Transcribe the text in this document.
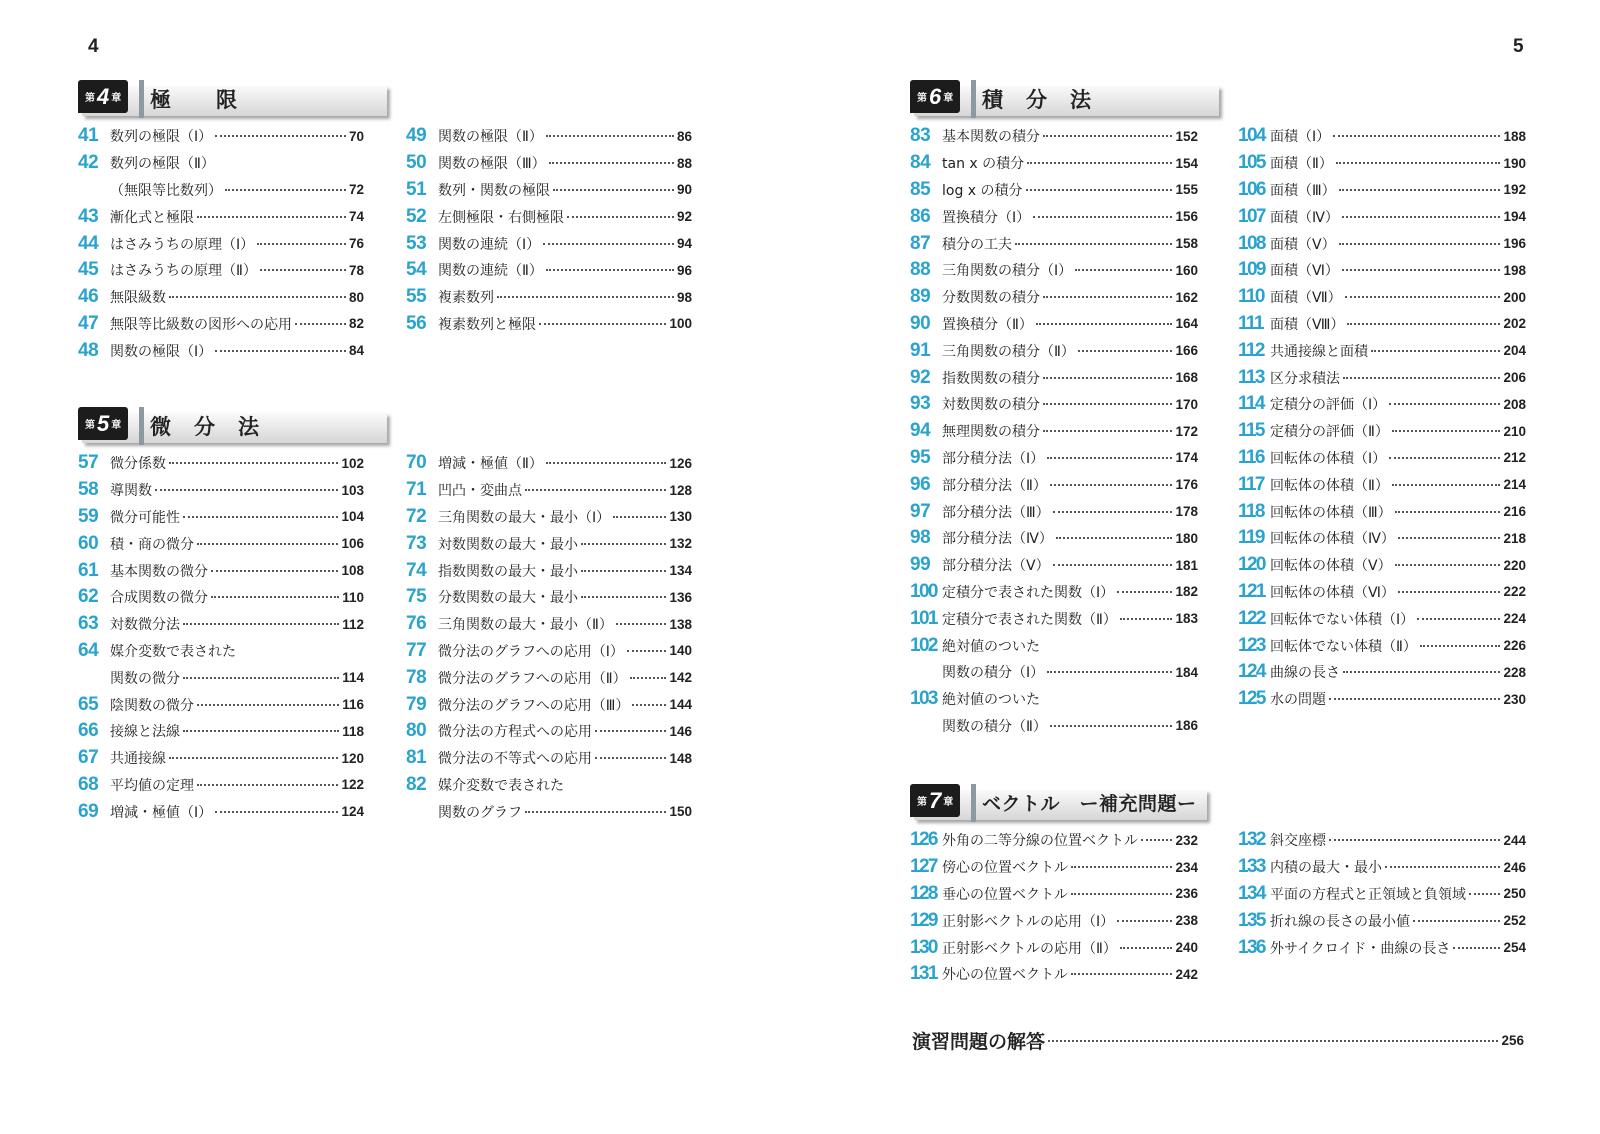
4	5
第 4 章 極　　限
41 数列の極限（Ⅰ）	70
42 数列の極限（Ⅱ）
（無限等比数列）	72
43 漸化式と極限	74
44 はさみうちの原理（Ⅰ）	76
45 はさみうちの原理（Ⅱ）	78
46 無限級数	80
47 無限等比級数の図形への応用	82
48 関数の極限（Ⅰ）	84
49 関数の極限（Ⅱ）	86
50 関数の極限（Ⅲ）	88
51 数列・関数の極限	90
52 左側極限・右側極限	92
53 関数の連続（Ⅰ）	94
54 関数の連続（Ⅱ）	96
55 複素数列	98
56 複素数列と極限	100
第 5 章 微　分　法
57 微分係数	102
58 導関数	103
59 微分可能性	104
60 積・商の微分	106
61 基本関数の微分	108
62 合成関数の微分	110
63 対数微分法	112
64 媒介変数で表された
関数の微分	114
65 陰関数の微分	116
66 接線と法線	118
67 共通接線	120
68 平均値の定理	122
69 増減・極値（Ⅰ）	124
70 増減・極値（Ⅱ）	126
71 凹凸・変曲点	128
72 三角関数の最大・最小（Ⅰ）	130
73 対数関数の最大・最小	132
74 指数関数の最大・最小	134
75 分数関数の最大・最小	136
76 三角関数の最大・最小（Ⅱ）	138
77 微分法のグラフへの応用（Ⅰ）	140
78 微分法のグラフへの応用（Ⅱ）	142
79 微分法のグラフへの応用（Ⅲ）	144
80 微分法の方程式への応用	146
81 微分法の不等式への応用	148
82 媒介変数で表された
関数のグラフ	150
第 6 章 積　分　法
83 基本関数の積分	152
84 tan x の積分	154
85 log x の積分	155
86 置換積分（Ⅰ）	156
87 積分の工夫	158
88 三角関数の積分（Ⅰ）	160
89 分数関数の積分	162
90 置換積分（Ⅱ）	164
91 三角関数の積分（Ⅱ）	166
92 指数関数の積分	168
93 対数関数の積分	170
94 無理関数の積分	172
95 部分積分法（Ⅰ）	174
96 部分積分法（Ⅱ）	176
97 部分積分法（Ⅲ）	178
98 部分積分法（Ⅳ）	180
99 部分積分法（Ⅴ）	181
100 定積分で表された関数（Ⅰ）	182
101 定積分で表された関数（Ⅱ）	183
102 絶対値のついた
関数の積分（Ⅰ）	184
103 絶対値のついた
関数の積分（Ⅱ）	186
104 面積（Ⅰ）	188
105 面積（Ⅱ）	190
106 面積（Ⅲ）	192
107 面積（Ⅳ）	194
108 面積（Ⅴ）	196
109 面積（Ⅵ）	198
110 面積（Ⅶ）	200
111 面積（Ⅷ）	202
112 共通接線と面積	204
113 区分求積法	206
114 定積分の評価（Ⅰ）	208
115 定積分の評価（Ⅱ）	210
116 回転体の体積（Ⅰ）	212
117 回転体の体積（Ⅱ）	214
118 回転体の体積（Ⅲ）	216
119 回転体の体積（Ⅳ）	218
120 回転体の体積（Ⅴ）	220
121 回転体の体積（Ⅵ）	222
122 回転体でない体積（Ⅰ）	224
123 回転体でない体積（Ⅱ）	226
124 曲線の長さ	228
125 水の問題	230
第 7 章 ベクトル　ー補充問題ー
126 外角の二等分線の位置ベクトル	232
127 傍心の位置ベクトル	234
128 垂心の位置ベクトル	236
129 正射影ベクトルの応用（Ⅰ）	238
130 正射影ベクトルの応用（Ⅱ）	240
131 外心の位置ベクトル	242
132 斜交座標	244
133 内積の最大・最小	246
134 平面の方程式と正領域と負領域	250
135 折れ線の長さの最小値	252
136 外サイクロイド・曲線の長さ	254
演習問題の解答	256
